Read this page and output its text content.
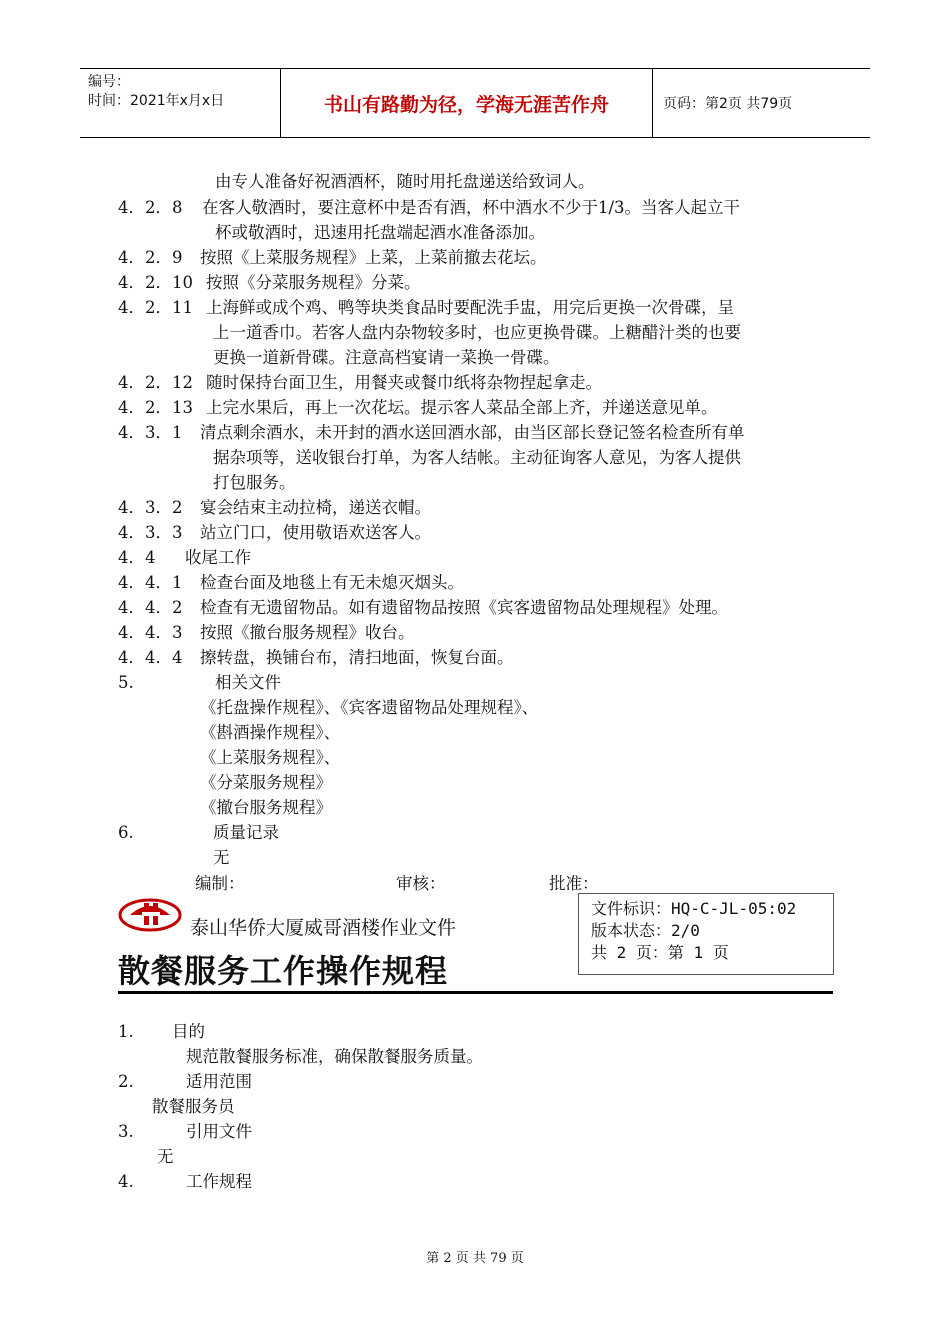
编号：
时间：2021年x月x日	书山有路勤为径，学海无涯苦作舟	页码：第2页 共79页
由专人准备好祝酒酒杯，随时用托盘递送给致词人。
4．2．8 在客人敬酒时，要注意杯中是否有酒，杯中酒水不少于1/3。当客人起立干
杯或敬酒时，迅速用托盘端起酒水准备添加。
4．2．9 按照《上菜服务规程》上菜，上菜前撤去花坛。
4．2．10 按照《分菜服务规程》分菜。
4．2．11 上海鲜或成个鸡、鸭等块类食品时要配洗手盅，用完后更换一次骨碟，呈
上一道香巾。若客人盘内杂物较多时，也应更换骨碟。上糖醋汁类的也要
更换一道新骨碟。注意高档宴请一菜换一骨碟。
4．2．12 随时保持台面卫生，用餐夹或餐巾纸将杂物捏起拿走。
4．2．13 上完水果后，再上一次花坛。提示客人菜品全部上齐，并递送意见单。
4．3．1 清点剩余酒水，未开封的酒水送回酒水部，由当区部长登记签名检查所有单
据杂项等，送收银台打单，为客人结帐。主动征询客人意见，为客人提供
打包服务。
4．3．2 宴会结束主动拉椅，递送衣帽。
4．3．3 站立门口，使用敬语欢送客人。
4．4 收尾工作
4．4．1 检查台面及地毯上有无未熄灭烟头。
4．4．2 检查有无遗留物品。如有遗留物品按照《宾客遗留物品处理规程》处理。
4．4．3 按照《撤台服务规程》收台。
4．4．4 擦转盘，换铺台布，清扫地面，恢复台面。
5.	相关文件
《托盘操作规程》、《宾客遗留物品处理规程》、
《斟酒操作规程》、
《上菜服务规程》、
《分菜服务规程》
《撤台服务规程》
6.	质量记录
无
编制：	审核：	批准：
泰山华侨大厦威哥酒楼作业文件
文件标识：HQ-C-JL-05:02
版本状态：2/0
共 2 页：第 1 页
散餐服务工作操作规程
1. 目的
规范散餐服务标准，确保散餐服务质量。
2.	适用范围
散餐服务员
3.	引用文件
无
4.	工作规程
第 2 页 共 79 页
